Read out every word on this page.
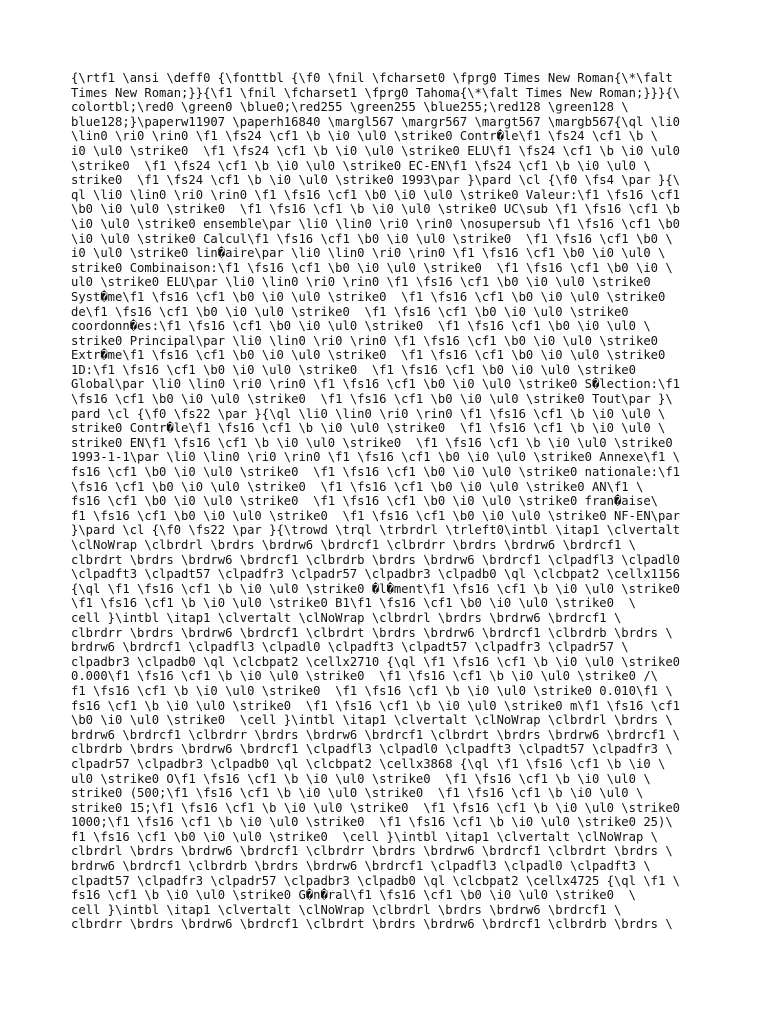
{\rtf1 \ansi \deff0 {\fonttbl {\f0 \fnil \fcharset0 \fprg0 Times New Roman{\*\falt
Times New Roman;}}{\f1 \fnil \fcharset1 \fprg0 Tahoma{\*\falt Times New Roman;}}}{\
colortbl;\red0 \green0 \blue0;\red255 \green255 \blue255;\red128 \green128 \
blue128;}\paperw11907 \paperh16840 \margl567 \margr567 \margt567 \margb567{\ql \li0
\lin0 \ri0 \rin0 \f1 \fs24 \cf1 \b \i0 \ul0 \strike0 Contr�le\f1 \fs24 \cf1 \b \
i0 \ul0 \strike0  \f1 \fs24 \cf1 \b \i0 \ul0 \strike0 ELU\f1 \fs24 \cf1 \b \i0 \ul0
\strike0  \f1 \fs24 \cf1 \b \i0 \ul0 \strike0 EC-EN\f1 \fs24 \cf1 \b \i0 \ul0 \
strike0  \f1 \fs24 \cf1 \b \i0 \ul0 \strike0 1993\par }\pard \cl {\f0 \fs4 \par }{\
ql \li0 \lin0 \ri0 \rin0 \f1 \fs16 \cf1 \b0 \i0 \ul0 \strike0 Valeur:\f1 \fs16 \cf1
\b0 \i0 \ul0 \strike0  \f1 \fs16 \cf1 \b \i0 \ul0 \strike0 UC\sub \f1 \fs16 \cf1 \b
\i0 \ul0 \strike0 ensemble\par \li0 \lin0 \ri0 \rin0 \nosupersub \f1 \fs16 \cf1 \b0
\i0 \ul0 \strike0 Calcul\f1 \fs16 \cf1 \b0 \i0 \ul0 \strike0  \f1 \fs16 \cf1 \b0 \
i0 \ul0 \strike0 lin�aire\par \li0 \lin0 \ri0 \rin0 \f1 \fs16 \cf1 \b0 \i0 \ul0 \
strike0 Combinaison:\f1 \fs16 \cf1 \b0 \i0 \ul0 \strike0  \f1 \fs16 \cf1 \b0 \i0 \
ul0 \strike0 ELU\par \li0 \lin0 \ri0 \rin0 \f1 \fs16 \cf1 \b0 \i0 \ul0 \strike0
Syst�me\f1 \fs16 \cf1 \b0 \i0 \ul0 \strike0  \f1 \fs16 \cf1 \b0 \i0 \ul0 \strike0
de\f1 \fs16 \cf1 \b0 \i0 \ul0 \strike0  \f1 \fs16 \cf1 \b0 \i0 \ul0 \strike0
coordonn�es:\f1 \fs16 \cf1 \b0 \i0 \ul0 \strike0  \f1 \fs16 \cf1 \b0 \i0 \ul0 \
strike0 Principal\par \li0 \lin0 \ri0 \rin0 \f1 \fs16 \cf1 \b0 \i0 \ul0 \strike0
Extr�me\f1 \fs16 \cf1 \b0 \i0 \ul0 \strike0  \f1 \fs16 \cf1 \b0 \i0 \ul0 \strike0
1D:\f1 \fs16 \cf1 \b0 \i0 \ul0 \strike0  \f1 \fs16 \cf1 \b0 \i0 \ul0 \strike0
Global\par \li0 \lin0 \ri0 \rin0 \f1 \fs16 \cf1 \b0 \i0 \ul0 \strike0 S�lection:\f1
\fs16 \cf1 \b0 \i0 \ul0 \strike0  \f1 \fs16 \cf1 \b0 \i0 \ul0 \strike0 Tout\par }\
pard \cl {\f0 \fs22 \par }{\ql \li0 \lin0 \ri0 \rin0 \f1 \fs16 \cf1 \b \i0 \ul0 \
strike0 Contr�le\f1 \fs16 \cf1 \b \i0 \ul0 \strike0  \f1 \fs16 \cf1 \b \i0 \ul0 \
strike0 EN\f1 \fs16 \cf1 \b \i0 \ul0 \strike0  \f1 \fs16 \cf1 \b \i0 \ul0 \strike0
1993-1-1\par \li0 \lin0 \ri0 \rin0 \f1 \fs16 \cf1 \b0 \i0 \ul0 \strike0 Annexe\f1 \
fs16 \cf1 \b0 \i0 \ul0 \strike0  \f1 \fs16 \cf1 \b0 \i0 \ul0 \strike0 nationale:\f1
\fs16 \cf1 \b0 \i0 \ul0 \strike0  \f1 \fs16 \cf1 \b0 \i0 \ul0 \strike0 AN\f1 \
fs16 \cf1 \b0 \i0 \ul0 \strike0  \f1 \fs16 \cf1 \b0 \i0 \ul0 \strike0 fran�aise\
f1 \fs16 \cf1 \b0 \i0 \ul0 \strike0  \f1 \fs16 \cf1 \b0 \i0 \ul0 \strike0 NF-EN\par
}\pard \cl {\f0 \fs22 \par }{\trowd \trql \trbrdrl \trleft0\intbl \itap1 \clvertalt
\clNoWrap \clbrdrl \brdrs \brdrw6 \brdrcf1 \clbrdrr \brdrs \brdrw6 \brdrcf1 \
clbrdrt \brdrs \brdrw6 \brdrcf1 \clbrdrb \brdrs \brdrw6 \brdrcf1 \clpadfl3 \clpadl0
\clpadft3 \clpadt57 \clpadfr3 \clpadr57 \clpadbr3 \clpadb0 \ql \clcbpat2 \cellx1156
{\ql \f1 \fs16 \cf1 \b \i0 \ul0 \strike0 �l�ment\f1 \fs16 \cf1 \b \i0 \ul0 \strike0
\f1 \fs16 \cf1 \b \i0 \ul0 \strike0 B1\f1 \fs16 \cf1 \b0 \i0 \ul0 \strike0  \
cell }\intbl \itap1 \clvertalt \clNoWrap \clbrdrl \brdrs \brdrw6 \brdrcf1 \
clbrdrr \brdrs \brdrw6 \brdrcf1 \clbrdrt \brdrs \brdrw6 \brdrcf1 \clbrdrb \brdrs \
brdrw6 \brdrcf1 \clpadfl3 \clpadl0 \clpadft3 \clpadt57 \clpadfr3 \clpadr57 \
clpadbr3 \clpadb0 \ql \clcbpat2 \cellx2710 {\ql \f1 \fs16 \cf1 \b \i0 \ul0 \strike0
0.000\f1 \fs16 \cf1 \b \i0 \ul0 \strike0  \f1 \fs16 \cf1 \b \i0 \ul0 \strike0 /\
f1 \fs16 \cf1 \b \i0 \ul0 \strike0  \f1 \fs16 \cf1 \b \i0 \ul0 \strike0 0.010\f1 \
fs16 \cf1 \b \i0 \ul0 \strike0  \f1 \fs16 \cf1 \b \i0 \ul0 \strike0 m\f1 \fs16 \cf1
\b0 \i0 \ul0 \strike0  \cell }\intbl \itap1 \clvertalt \clNoWrap \clbrdrl \brdrs \
brdrw6 \brdrcf1 \clbrdrr \brdrs \brdrw6 \brdrcf1 \clbrdrt \brdrs \brdrw6 \brdrcf1 \
clbrdrb \brdrs \brdrw6 \brdrcf1 \clpadfl3 \clpadl0 \clpadft3 \clpadt57 \clpadfr3 \
clpadr57 \clpadbr3 \clpadb0 \ql \clcbpat2 \cellx3868 {\ql \f1 \fs16 \cf1 \b \i0 \
ul0 \strike0 O\f1 \fs16 \cf1 \b \i0 \ul0 \strike0  \f1 \fs16 \cf1 \b \i0 \ul0 \
strike0 (500;\f1 \fs16 \cf1 \b \i0 \ul0 \strike0  \f1 \fs16 \cf1 \b \i0 \ul0 \
strike0 15;\f1 \fs16 \cf1 \b \i0 \ul0 \strike0  \f1 \fs16 \cf1 \b \i0 \ul0 \strike0
1000;\f1 \fs16 \cf1 \b \i0 \ul0 \strike0  \f1 \fs16 \cf1 \b \i0 \ul0 \strike0 25)\
f1 \fs16 \cf1 \b0 \i0 \ul0 \strike0  \cell }\intbl \itap1 \clvertalt \clNoWrap \
clbrdrl \brdrs \brdrw6 \brdrcf1 \clbrdrr \brdrs \brdrw6 \brdrcf1 \clbrdrt \brdrs \
brdrw6 \brdrcf1 \clbrdrb \brdrs \brdrw6 \brdrcf1 \clpadfl3 \clpadl0 \clpadft3 \
clpadt57 \clpadfr3 \clpadr57 \clpadbr3 \clpadb0 \ql \clcbpat2 \cellx4725 {\ql \f1 \
fs16 \cf1 \b \i0 \ul0 \strike0 G�n�ral\f1 \fs16 \cf1 \b0 \i0 \ul0 \strike0  \
cell }\intbl \itap1 \clvertalt \clNoWrap \clbrdrl \brdrs \brdrw6 \brdrcf1 \
clbrdrr \brdrs \brdrw6 \brdrcf1 \clbrdrt \brdrs \brdrw6 \brdrcf1 \clbrdrb \brdrs \
